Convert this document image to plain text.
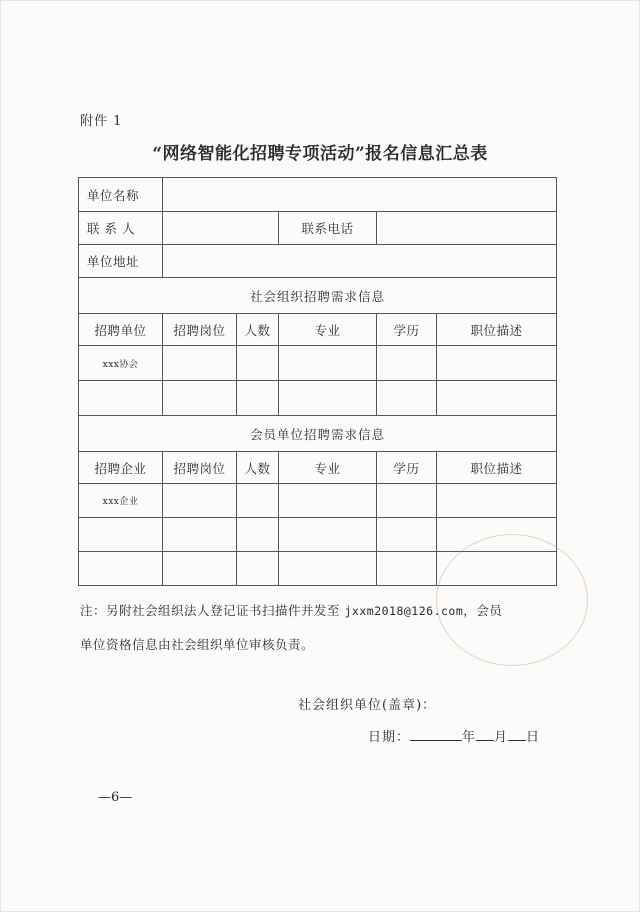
附件 1
“网络智能化招聘专项活动”报名信息汇总表
单位名称					
联 系 人			联系电话		
单位地址					
社会组织招聘需求信息					
招聘单位	招聘岗位	人数	专业	学历	职位描述
xxx协会					

会员单位招聘需求信息					
招聘企业	招聘岗位	人数	专业	学历	职位描述
xxx企业					

注：另附社会组织法人登记证书扫描件并发至 jxxm2018@126.com，会员
单位资格信息由社会组织单位审核负责。
社会组织单位(盖章)：
日期：	年 月 日
—6—
